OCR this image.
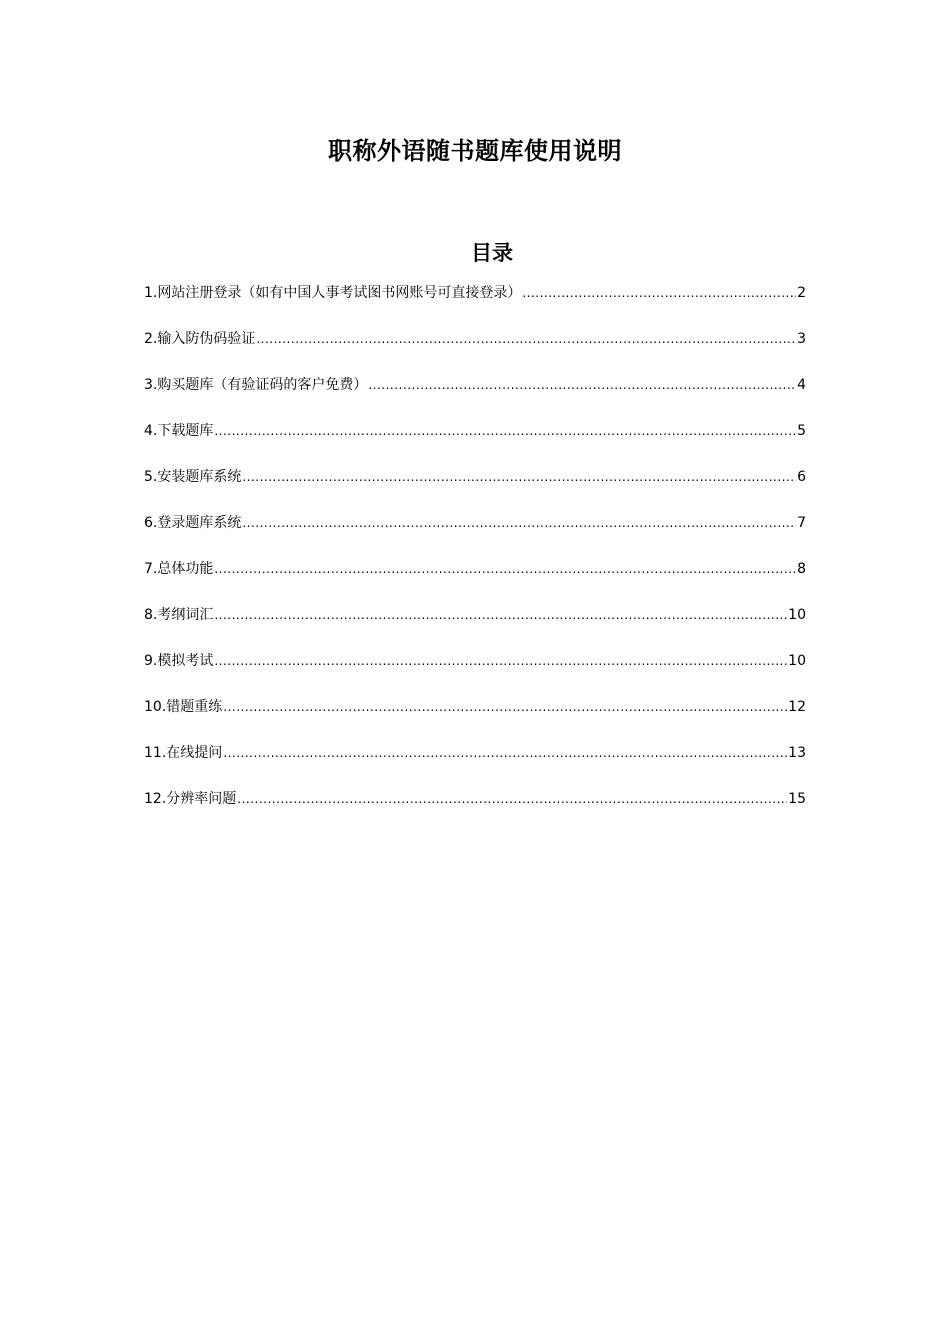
职称外语随书题库使用说明
目录
1.网站注册登录（如有中国人事考试图书网账号可直接登录） .....	2
2.输入防伪码验证 .....	3
3.购买题库（有验证码的客户免费） .....	4
4.下载题库 .....	5
5.安装题库系统 .....	6
6.登录题库系统 .....	7
7.总体功能 .....	8
8.考纲词汇 .....	10
9.模拟考试 .....	10
10.错题重练 .....	12
11.在线提问 .....	13
12.分辨率问题 .....	15
